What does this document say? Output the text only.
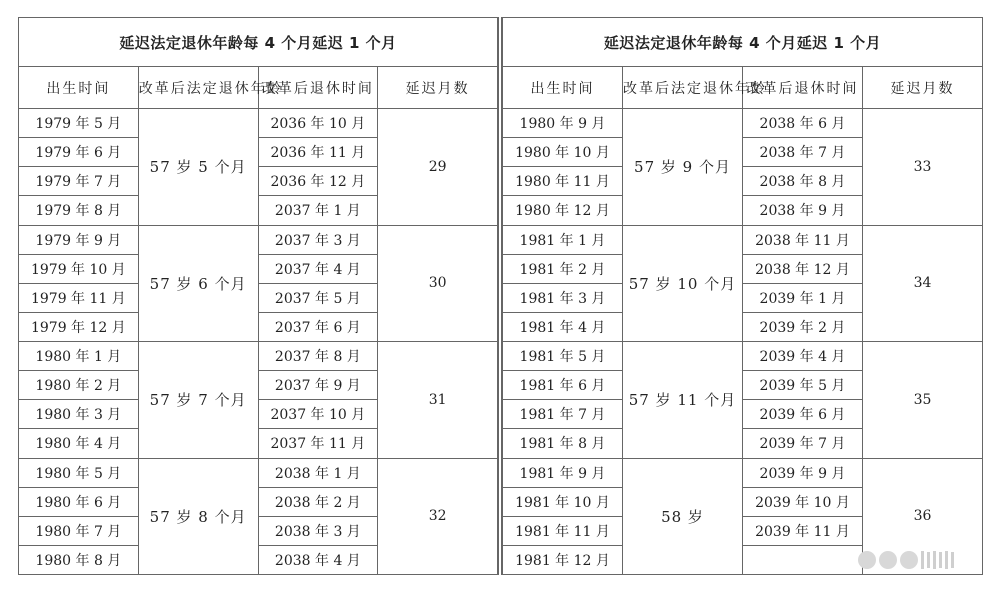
延迟法定退休年龄每 4 个月延迟 1 个月			
出生时间	改革后法定退休年龄	改革后退休时间	延迟月数
1979 年 5 月	57 岁 5 个月	2036 年 10 月	29
1979 年 6 月		2036 年 11 月	
1979 年 7 月		2036 年 12 月	
1979 年 8 月		2037 年 1 月	
1979 年 9 月	57 岁 6 个月	2037 年 3 月	30
1979 年 10 月		2037 年 4 月	
1979 年 11 月		2037 年 5 月	
1979 年 12 月		2037 年 6 月	
1980 年 1 月	57 岁 7 个月	2037 年 8 月	31
1980 年 2 月		2037 年 9 月	
1980 年 3 月		2037 年 10 月	
1980 年 4 月		2037 年 11 月	
1980 年 5 月	57 岁 8 个月	2038 年 1 月	32
1980 年 6 月		2038 年 2 月	
1980 年 7 月		2038 年 3 月	
1980 年 8 月		2038 年 4 月	
延迟法定退休年龄每 4 个月延迟 1 个月			
出生时间	改革后法定退休年龄	改革后退休时间	延迟月数
1980 年 9 月	57 岁 9 个月	2038 年 6 月	33
1980 年 10 月		2038 年 7 月	
1980 年 11 月		2038 年 8 月	
1980 年 12 月		2038 年 9 月	
1981 年 1 月	57 岁 10 个月	2038 年 11 月	34
1981 年 2 月		2038 年 12 月	
1981 年 3 月		2039 年 1 月	
1981 年 4 月		2039 年 2 月	
1981 年 5 月	57 岁 11 个月	2039 年 4 月	35
1981 年 6 月		2039 年 5 月	
1981 年 7 月		2039 年 6 月	
1981 年 8 月		2039 年 7 月	
1981 年 9 月	58 岁	2039 年 9 月	36
1981 年 10 月		2039 年 10 月	
1981 年 11 月		2039 年 11 月	
1981 年 12 月			
